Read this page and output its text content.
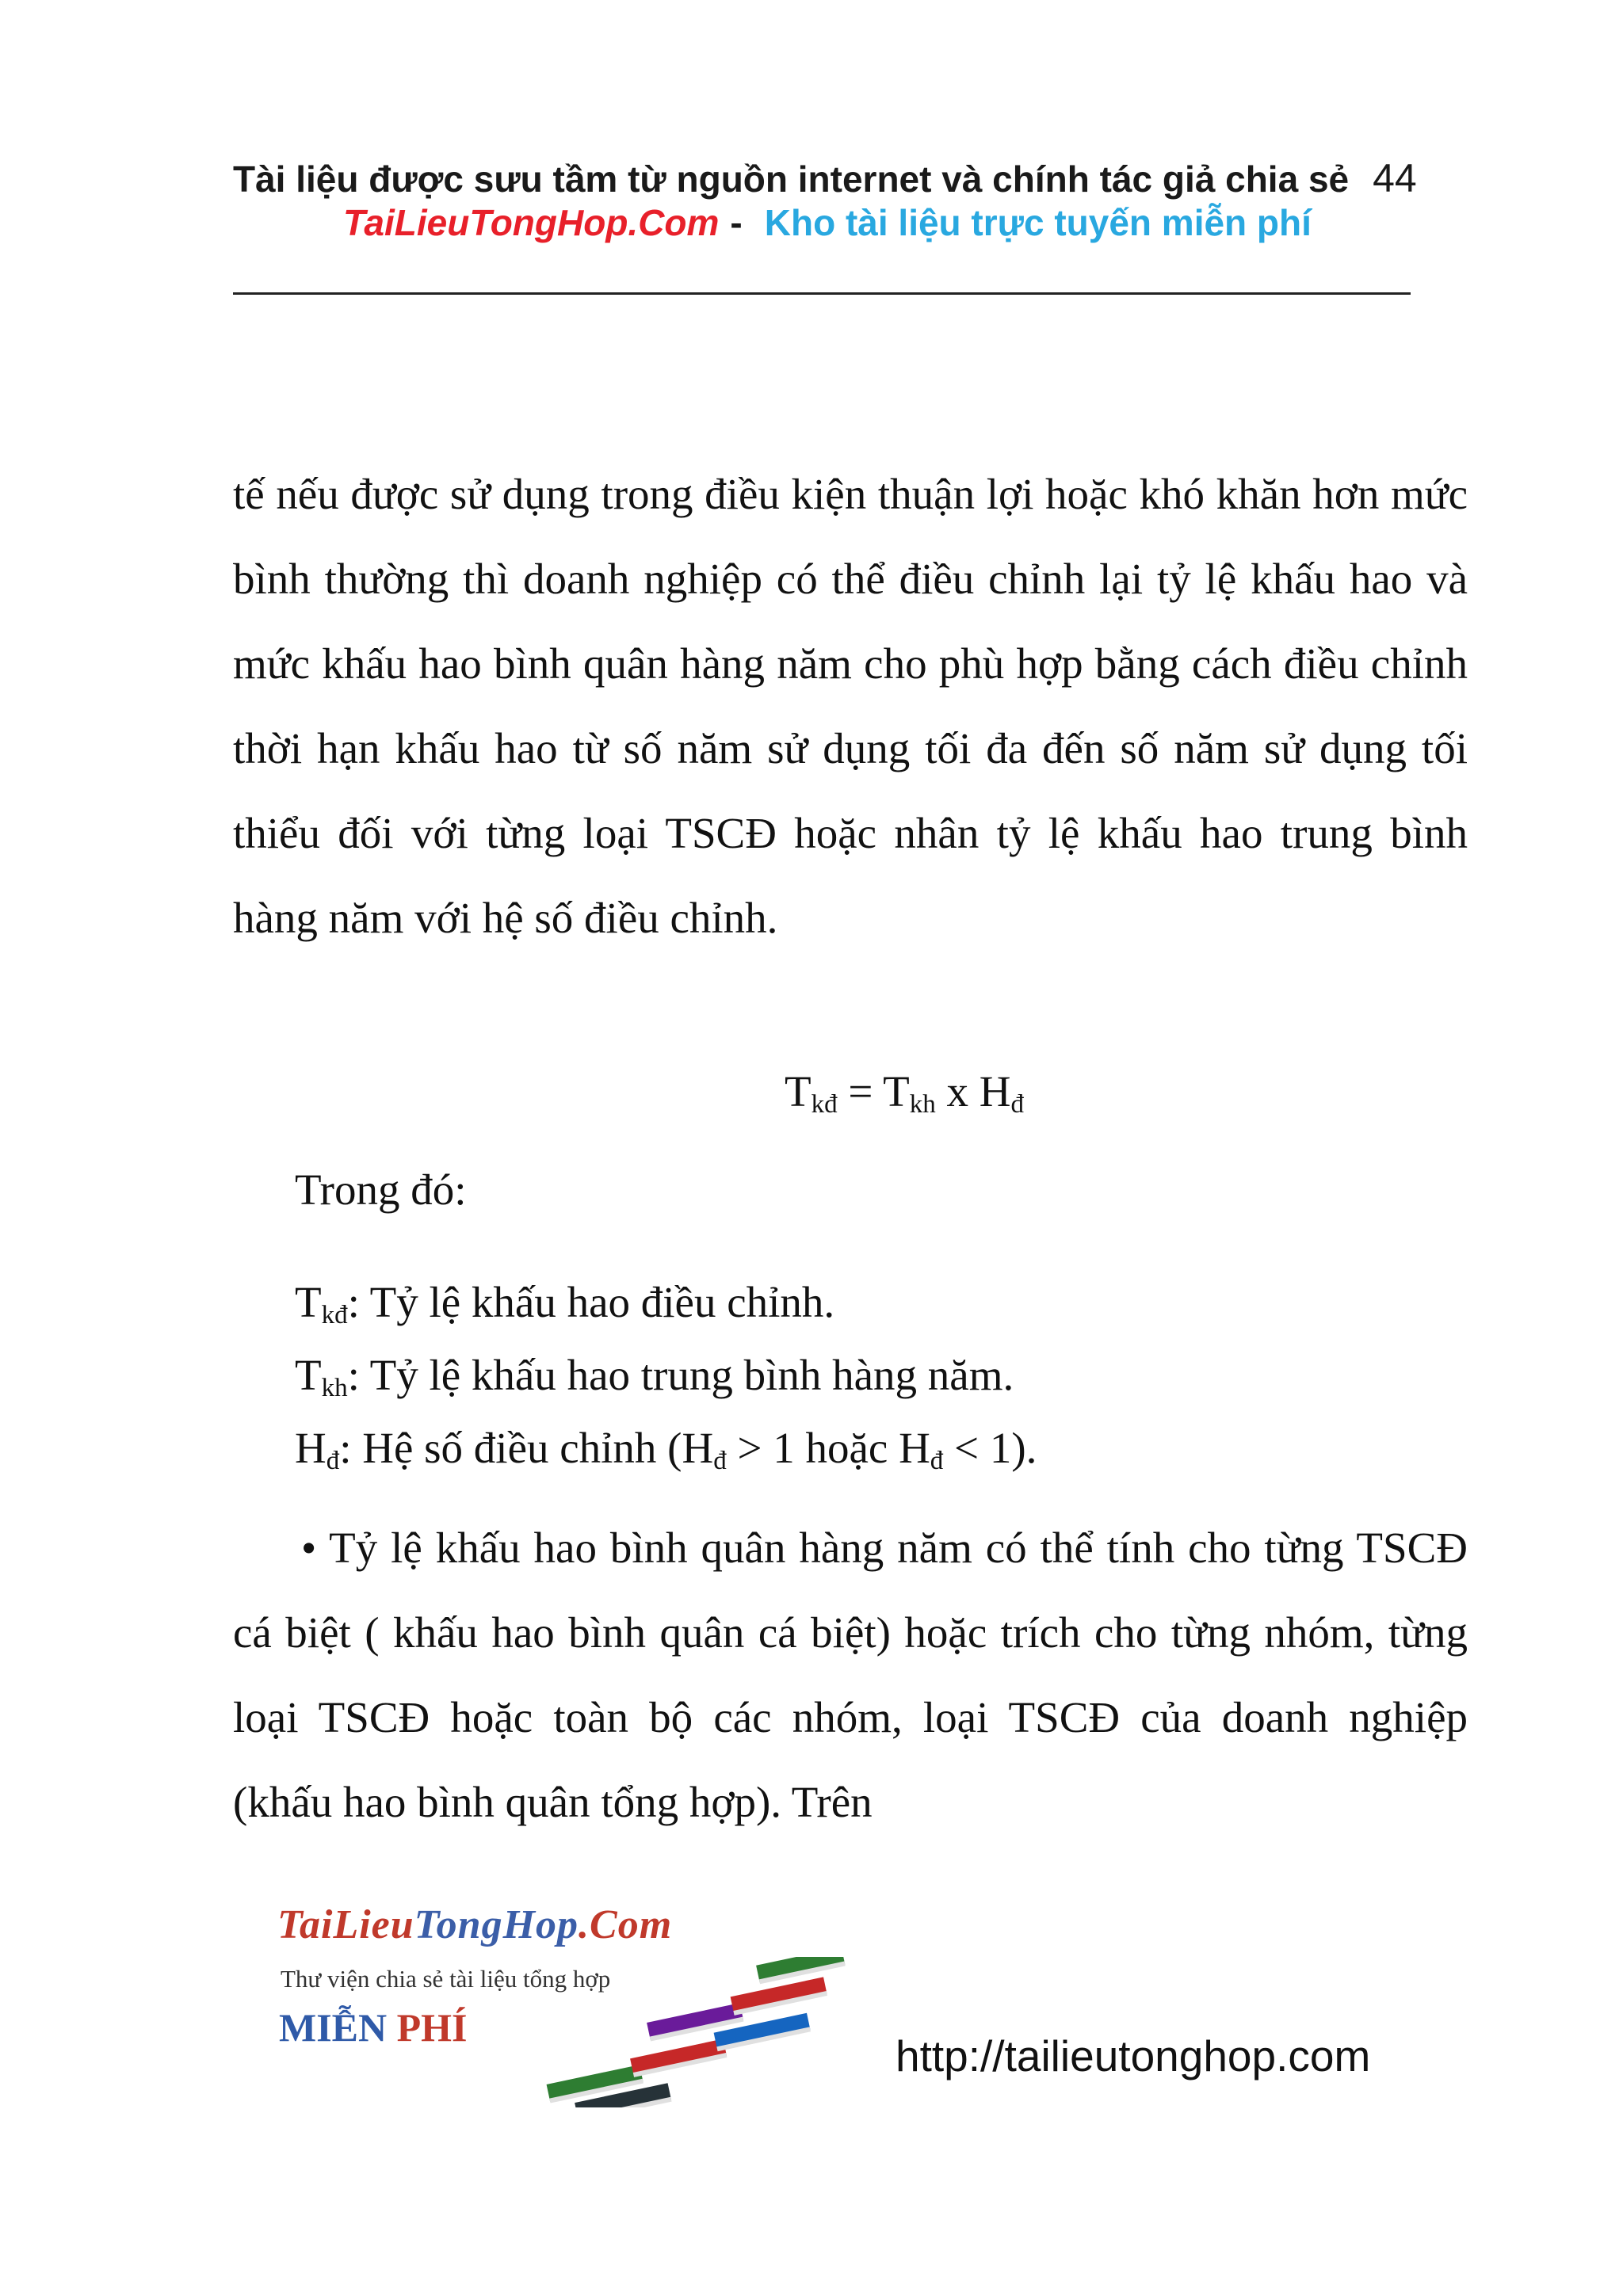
Tài liệu được sưu tầm từ nguồn internet và chính tác giả chia sẻ 44
TaiLieuTongHop.Com - Kho tài liệu trực tuyến miễn phí

tế nếu được sử dụng trong điều kiện thuận lợi hoặc khó khăn hơn mức bình thường thì doanh nghiệp có thể điều chỉnh lại tỷ lệ khấu hao và mức khấu hao bình quân hàng năm cho phù hợp bằng cách điều chỉnh thời hạn khấu hao từ số năm sử dụng tối đa đến số năm sử dụng tối thiểu đối với từng loại TSCĐ hoặc nhân tỷ lệ khấu hao trung bình hàng năm với hệ số điều chỉnh.

$T_{kđ} = T_{kh}$ x $H_đ$
Trong đó:
$T_{kđ}$: Tỷ lệ khấu hao điều chỉnh.
$T_{kh}$: Tỷ lệ khấu hao trung bình hàng năm.
$H_đ$: Hệ số điều chỉnh ($H_đ > 1$ hoặc $H_đ < 1$).

• Tỷ lệ khấu hao bình quân hàng năm có thể tính cho từng TSCĐ cá biệt ( khấu hao bình quân cá biệt) hoặc trích cho từng nhóm, từng loại TSCĐ hoặc toàn bộ các nhóm, loại TSCĐ của doanh nghiệp (khấu hao bình quân tổng hợp). Trên

TaiLieuTongHop.Com
Thư viện chia sẻ tài liệu tổng hợp
MIỄN PHÍ
http://tailieutonghop.com
